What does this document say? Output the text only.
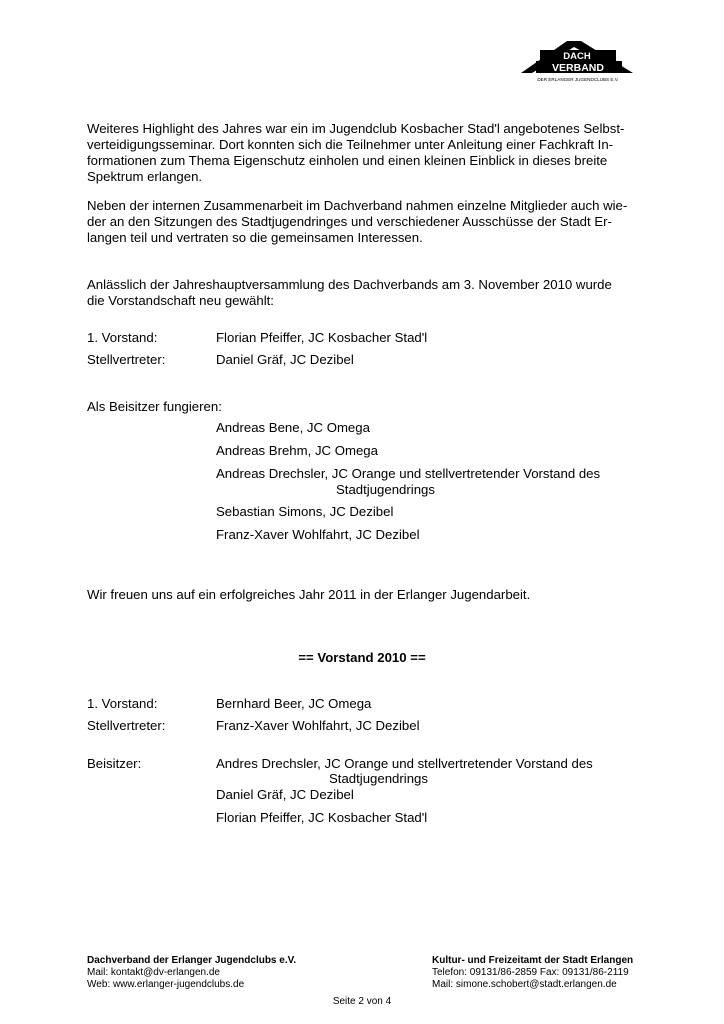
DACH
VERBAND
DER ERLANGER JUGENDCLUBS E.V.

Weiteres Highlight des Jahres war ein im Jugendclub Kosbacher Stad'l angebotenes Selbst-
verteidigungsseminar. Dort konnten sich die Teilnehmer unter Anleitung einer Fachkraft In-
formationen zum Thema Eigenschutz einholen und einen kleinen Einblick in dieses breite
Spektrum erlangen.

Neben der internen Zusammenarbeit im Dachverband nahmen einzelne Mitglieder auch wie-
der an den Sitzungen des Stadtjugendringes und verschiedener Ausschüsse der Stadt Er-
langen teil und vertraten so die gemeinsamen Interessen.

Anlässlich der Jahreshauptversammlung des Dachverbands am 3. November 2010 wurde
die Vorstandschaft neu gewählt:

1. Vorstand:	Florian Pfeiffer, JC Kosbacher Stad'l
Stellvertreter:	Daniel Gräf, JC Dezibel
Als Beisitzer fungieren:
Andreas Bene, JC Omega
Andreas Brehm, JC Omega
Andreas Drechsler, JC Orange und stellvertretender Vorstand des
Stadtjugendrings
Sebastian Simons, JC Dezibel
Franz-Xaver Wohlfahrt, JC Dezibel
Wir freuen uns auf ein erfolgreiches Jahr 2011 in der Erlanger Jugendarbeit.
== Vorstand 2010 ==
1. Vorstand:	Bernhard Beer, JC Omega
Stellvertreter:	Franz-Xaver Wohlfahrt, JC Dezibel
Beisitzer:	Andres Drechsler, JC Orange und stellvertretender Vorstand des
Stadtjugendrings
Daniel Gräf, JC Dezibel
Florian Pfeiffer, JC Kosbacher Stad'l
Dachverband der Erlanger Jugendclubs e.V.
Mail: kontakt@dv-erlangen.de
Web: www.erlanger-jugendclubs.de
Kultur- und Freizeitamt der Stadt Erlangen
Telefon: 09131/86-2859 Fax: 09131/86-2119
Mail: simone.schobert@stadt.erlangen.de
Seite 2 von 4
